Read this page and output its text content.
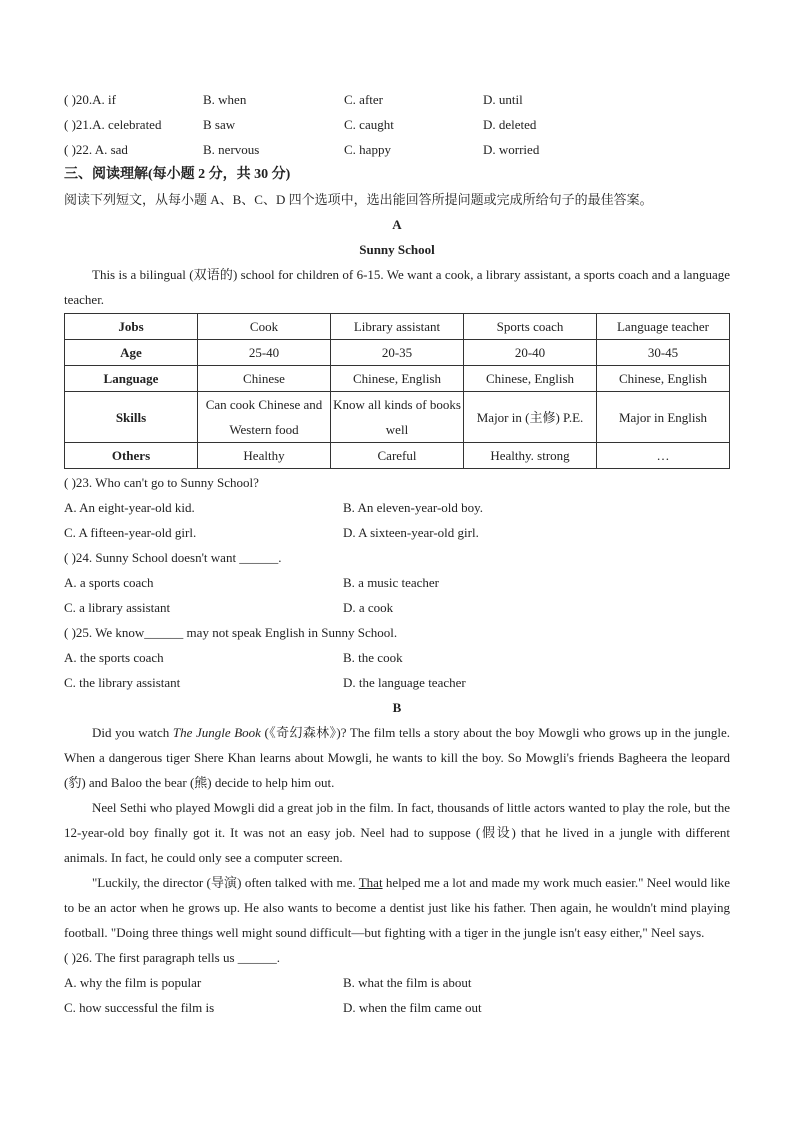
( )20.A. if	B. when	C. after	D. until
( )21.A. celebrated	B saw	C. caught	D. deleted
( )22. A. sad	B. nervous	C. happy	D. worried
三、阅读理解(每小题 2 分，共 30 分)
阅读下列短文，从每小题 A、B、C、D 四个选项中，选出能回答所提问题或完成所给句子的最佳答案。
A
Sunny School

This is a bilingual (双语的) school for children of 6-15. We want a cook, a library assistant, a sports coach and a language teacher.

Jobs	Cook	Library assistant	Sports coach	Language teacher
Age	25-40	20-35	20-40	30-45
Language	Chinese	Chinese, English	Chinese, English	Chinese, English
Skills	Can cook Chinese and Western food	Know all kinds of books well	Major in (主修) P.E.	Major in English
Others	Healthy	Careful	Healthy. strong	…
( )23. Who can't go to Sunny School?
A. An eight-year-old kid.	B. An eleven-year-old boy.
C. A fifteen-year-old girl.	D. A sixteen-year-old girl.
( )24. Sunny School doesn't want ______.
A. a sports coach	B. a music teacher
C. a library assistant	D. a cook
( )25. We know______ may not speak English in Sunny School.
A. the sports coach	B. the cook
C. the library assistant	D. the language teacher
B

Did you watch The Jungle Book (《奇幻森林》)? The film tells a story about the boy Mowgli who grows up in the jungle. When a dangerous tiger Shere Khan learns about Mowgli, he wants to kill the boy. So Mowgli's friends Bagheera the leopard (豹) and Baloo the bear (熊) decide to help him out.

Neel Sethi who played Mowgli did a great job in the film. In fact, thousands of little actors wanted to play the role, but the 12-year-old boy finally got it. It was not an easy job. Neel had to suppose (假设) that he lived in a jungle with different animals. In fact, he could only see a computer screen.

"Luckily, the director (导演) often talked with me. That helped me a lot and made my work much easier." Neel would like to be an actor when he grows up. He also wants to become a dentist just like his father. Then again, he wouldn't mind playing football. "Doing three things well might sound difficult—but fighting with a tiger in the jungle isn't easy either," Neel says.

( )26. The first paragraph tells us ______.
A. why the film is popular	B. what the film is about
C. how successful the film is	D. when the film came out
